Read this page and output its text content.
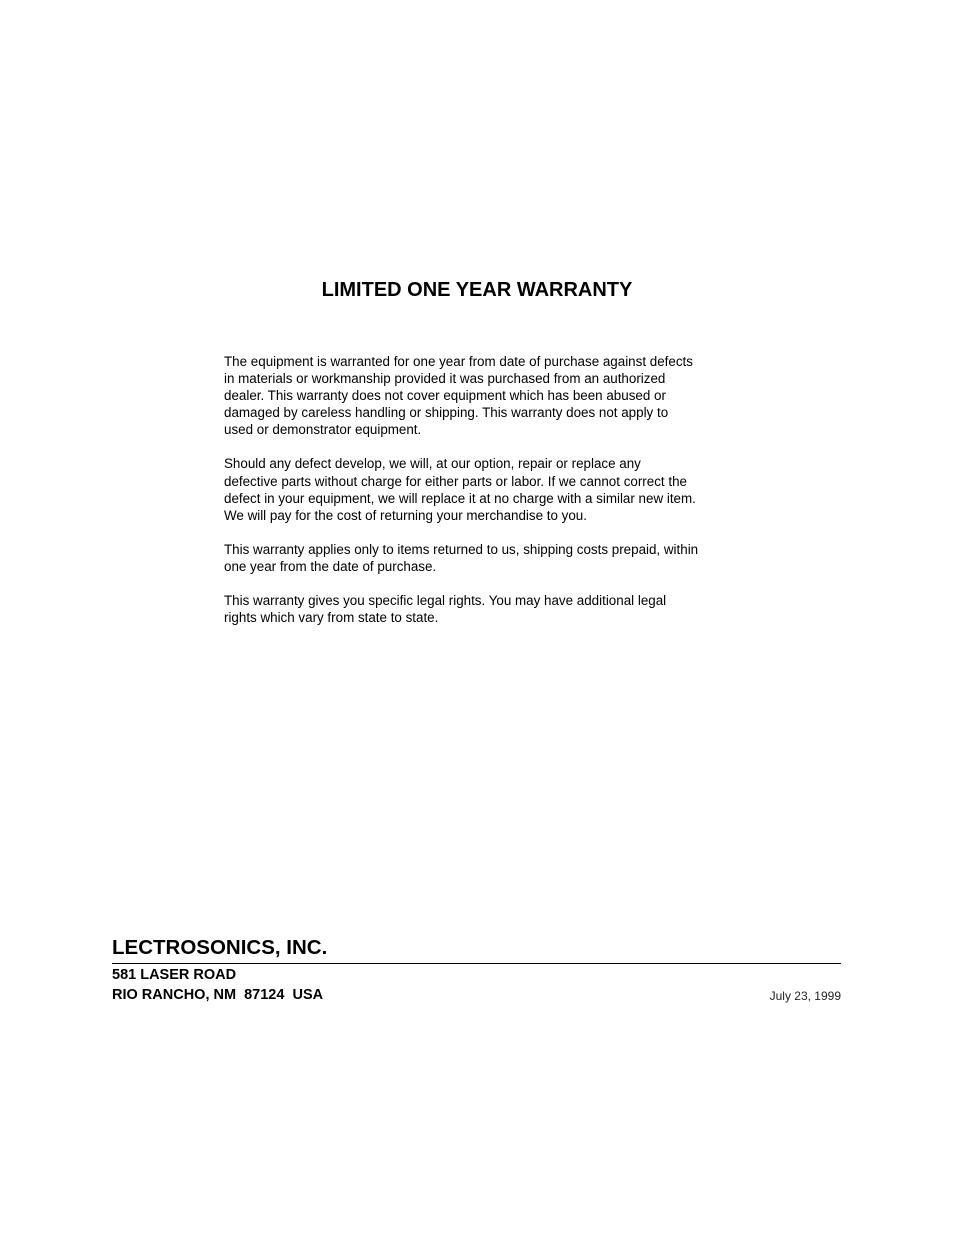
LIMITED ONE YEAR WARRANTY

The equipment is warranted for one year from date of purchase against defects
in materials or workmanship provided it was purchased from an authorized
dealer. This warranty does not cover equipment which has been abused or
damaged by careless handling or shipping. This warranty does not apply to
used or demonstrator equipment.

Should any defect develop, we will, at our option, repair or replace any
defective parts without charge for either parts or labor. If we cannot correct the
defect in your equipment, we will replace it at no charge with a similar new item.
We will pay for the cost of returning your merchandise to you.

This warranty applies only to items returned to us, shipping costs prepaid, within
one year from the date of purchase.

This warranty gives you specific legal rights. You may have additional legal
rights which vary from state to state.

LECTROSONICS, INC.
581 LASER ROAD
RIO RANCHO, NM  87124  USA	July 23, 1999
